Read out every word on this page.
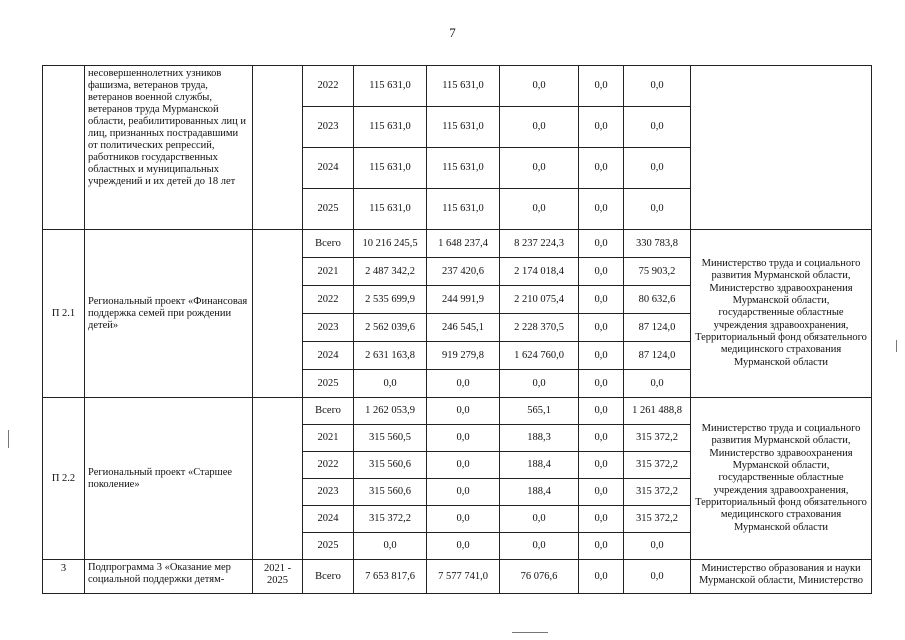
7
	несовершеннолетних узников фашизма, ветеранов труда, ветеранов военной службы, ветеранов труда Мурманской области, реабилитированных лиц и лиц, признанных пострадавшими от политических репрессий, работников государственных областных и муниципальных учреждений и их детей до 18 лет		2022	115 631,0	115 631,0	0,0	0,0	0,0	
			2023	115 631,0	115 631,0	0,0	0,0	0,0	
			2024	115 631,0	115 631,0	0,0	0,0	0,0	
			2025	115 631,0	115 631,0	0,0	0,0	0,0	
П 2.1	Региональный проект «Финансовая поддержка семей при рождении детей»		Всего	10 216 245,5	1 648 237,4	8 237 224,3	0,0	330 783,8	Министерство труда и социального развития Мурманской области, Министерство здравоохранения Мурманской области, государственные областные учреждения здравоохранения, Территориальный фонд обязательного медицинского страхования Мурманской области
			2021	2 487 342,2	237 420,6	2 174 018,4	0,0	75 903,2	
			2022	2 535 699,9	244 991,9	2 210 075,4	0,0	80 632,6	
			2023	2 562 039,6	246 545,1	2 228 370,5	0,0	87 124,0	
			2024	2 631 163,8	919 279,8	1 624 760,0	0,0	87 124,0	
			2025	0,0	0,0	0,0	0,0	0,0	
П 2.2	Региональный проект «Старшее поколение»		Всего	1 262 053,9	0,0	565,1	0,0	1 261 488,8	Министерство труда и социального развития Мурманской области, Министерство здравоохранения Мурманской области, государственные областные учреждения здравоохранения, Территориальный фонд обязательного медицинского страхования Мурманской области
			2021	315 560,5	0,0	188,3	0,0	315 372,2	
			2022	315 560,6	0,0	188,4	0,0	315 372,2	
			2023	315 560,6	0,0	188,4	0,0	315 372,2	
			2024	315 372,2	0,0	0,0	0,0	315 372,2	
			2025	0,0	0,0	0,0	0,0	0,0	
3	Подпрограмма 3 «Оказание мер социальной поддержки детям-	2021 - 2025	Всего	7 653 817,6	7 577 741,0	76 076,6	0,0	0,0	Министерство образования и науки Мурманской области, Министерство
